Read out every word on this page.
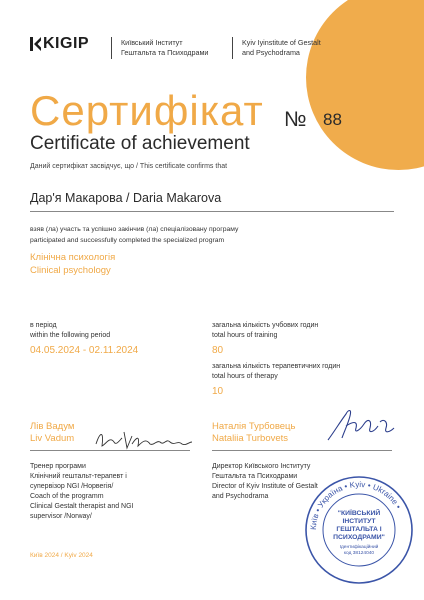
KIGIP	Київський Інститут
Гештальта та Психодрами
Kyiv Iyinstitute of Gestalt
and Psychodrama
Сертифікат № 88
Certificate of achievement
Даний сертифікат засвідчує, що / This certificate confirms that
Дар'я Макарова / Daria Makarova
взяв (ла) участь та успішно закінчив (ла) спеціалізовану програму
participated and successfully completed the specialized program
Клінічна психологія
Clinical psychology
в період
within the following period
04.05.2024 - 02.11.2024
загальна кількість учбових годин
total hours of training
80
загальна кількість терапевтичних годин
total hours of therapy
10
Лів Вадум
Liv Vadum
Тренер програми
Клінічний гештальт-терапевт і
супервізор NGI /Норвегія/
Coach of the programm
Clinical Gestalt therapist and NGI
supervisor /Norway/
Наталія Турбовець
Nataliia Turbovets
Директор Київського Інституту
Гештальта та Психодрами
Director of Kyiv Institute of Gestalt
and Psychodrama
Київ • Україна • Kyiv • Ukraine •
"КИЇВСЬКИЙ
ІНСТИТУТ
ГЕШТАЛЬТА І
ПСИХОДРАМИ"
Ідентифікаційний
код 38124040
Київ 2024 / Kyiv 2024
